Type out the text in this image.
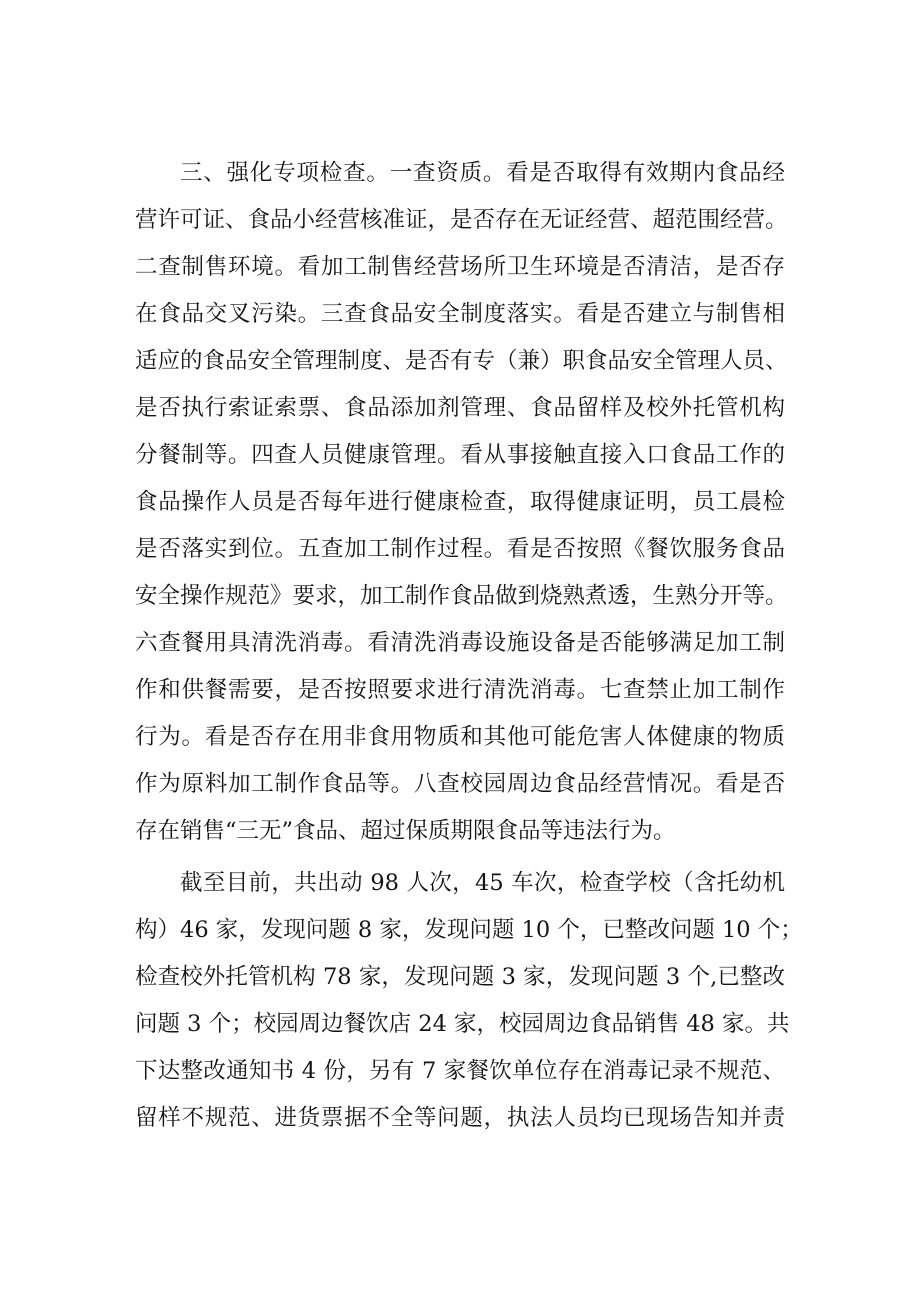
三、强化专项检查。一查资质。看是否取得有效期内食品经
营许可证、食品小经营核准证，是否存在无证经营、超范围经营。
二查制售环境。看加工制售经营场所卫生环境是否清洁，是否存
在食品交叉污染。三查食品安全制度落实。看是否建立与制售相
适应的食品安全管理制度、是否有专（兼）职食品安全管理人员、
是否执行索证索票、食品添加剂管理、食品留样及校外托管机构
分餐制等。四查人员健康管理。看从事接触直接入口食品工作的
食品操作人员是否每年进行健康检查，取得健康证明，员工晨检
是否落实到位。五查加工制作过程。看是否按照《餐饮服务食品
安全操作规范》要求，加工制作食品做到烧熟煮透，生熟分开等。
六查餐用具清洗消毒。看清洗消毒设施设备是否能够满足加工制
作和供餐需要，是否按照要求进行清洗消毒。七查禁止加工制作
行为。看是否存在用非食用物质和其他可能危害人体健康的物质
作为原料加工制作食品等。八查校园周边食品经营情况。看是否
存在销售“三无”食品、超过保质期限食品等违法行为。
截至目前，共出动 98 人次，45 车次，检查学校（含托幼机
构）46 家，发现问题 8 家，发现问题 10 个，已整改问题 10 个；
检查校外托管机构 78 家，发现问题 3 家，发现问题 3 个,已整改
问题 3 个；校园周边餐饮店 24 家，校园周边食品销售 48 家。共
下达整改通知书 4 份，另有 7 家餐饮单位存在消毒记录不规范、
留样不规范、进货票据不全等问题，执法人员均已现场告知并责
